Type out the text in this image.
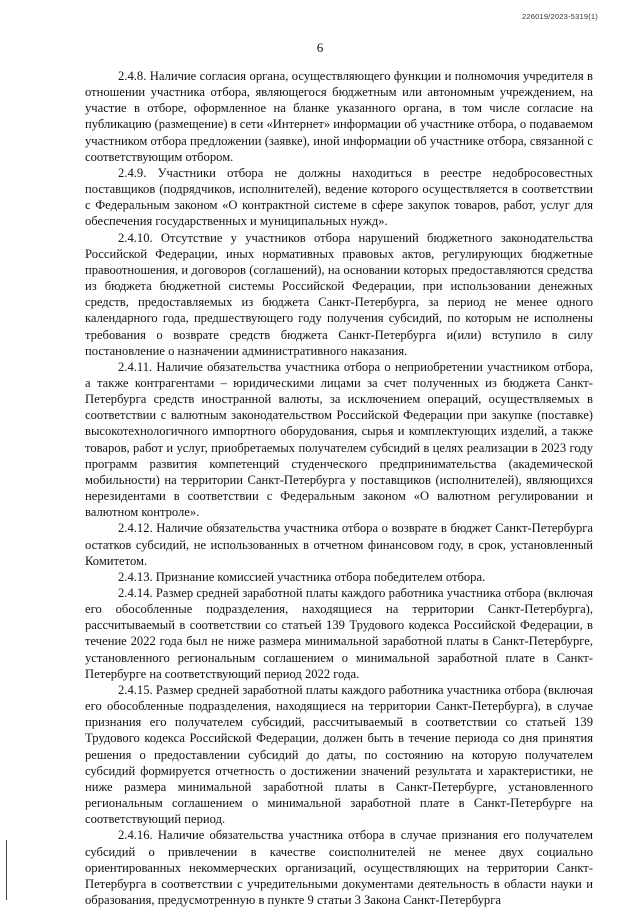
226019/2023-5319(1)
6

2.4.8. Наличие согласия органа, осуществляющего функции и полномочия учредителя в отношении участника отбора, являющегося бюджетным или автономным учреждением, на участие в отборе, оформленное на бланке указанного органа, в том числе согласие на публикацию (размещение) в сети «Интернет» информации об участнике отбора, о подаваемом участником отбора предложении (заявке), иной информации об участнике отбора, связанной с соответствующим отбором.

2.4.9. Участники отбора не должны находиться в реестре недобросовестных поставщиков (подрядчиков, исполнителей), ведение которого осуществляется в соответствии с Федеральным законом «О контрактной системе в сфере закупок товаров, работ, услуг для обеспечения государственных и муниципальных нужд».

2.4.10. Отсутствие у участников отбора нарушений бюджетного законодательства Российской Федерации, иных нормативных правовых актов, регулирующих бюджетные правоотношения, и договоров (соглашений), на основании которых предоставляются средства из бюджета бюджетной системы Российской Федерации, при использовании денежных средств, предоставляемых из бюджета Санкт-Петербурга, за период не менее одного календарного года, предшествующего году получения субсидий, по которым не исполнены требования о возврате средств бюджета Санкт-Петербурга и(или) вступило в силу постановление о назначении административного наказания.

2.4.11. Наличие обязательства участника отбора о неприобретении участником отбора, а также контрагентами – юридическими лицами за счет полученных из бюджета Санкт-Петербурга средств иностранной валюты, за исключением операций, осуществляемых в соответствии с валютным законодательством Российской Федерации при закупке (поставке) высокотехнологичного импортного оборудования, сырья и комплектующих изделий, а также товаров, работ и услуг, приобретаемых получателем субсидий в целях реализации в 2023 году программ развития компетенций студенческого предпринимательства (академической мобильности) на территории Санкт-Петербурга у поставщиков (исполнителей), являющихся нерезидентами в соответствии с Федеральным законом «О валютном регулировании и валютном контроле».

2.4.12. Наличие обязательства участника отбора о возврате в бюджет Санкт-Петербурга остатков субсидий, не использованных в отчетном финансовом году, в срок, установленный Комитетом.

2.4.13. Признание комиссией участника отбора победителем отбора.

2.4.14. Размер средней заработной платы каждого работника участника отбора (включая его обособленные подразделения, находящиеся на территории Санкт-Петербурга), рассчитываемый в соответствии со статьей 139 Трудового кодекса Российской Федерации, в течение 2022 года был не ниже размера минимальной заработной платы в Санкт-Петербурге, установленного региональным соглашением о минимальной заработной плате в Санкт-Петербурге на соответствующий период 2022 года.

2.4.15. Размер средней заработной платы каждого работника участника отбора (включая его обособленные подразделения, находящиеся на территории Санкт-Петербурга), в случае признания его получателем субсидий, рассчитываемый в соответствии со статьей 139 Трудового кодекса Российской Федерации, должен быть в течение периода со дня принятия решения о предоставлении субсидий до даты, по состоянию на которую получателем субсидий формируется отчетность о достижении значений результата и характеристики, не ниже размера минимальной заработной платы в Санкт-Петербурге, установленного региональным соглашением о минимальной заработной плате в Санкт-Петербурге на соответствующий период.

2.4.16. Наличие обязательства участника отбора в случае признания его получателем субсидий о привлечении в качестве соисполнителей не менее двух социально ориентированных некоммерческих организаций, осуществляющих на территории Санкт-Петербурга в соответствии с учредительными документами деятельность в области науки и образования, предусмотренную в пункте 9 статьи 3 Закона Санкт-Петербурга
